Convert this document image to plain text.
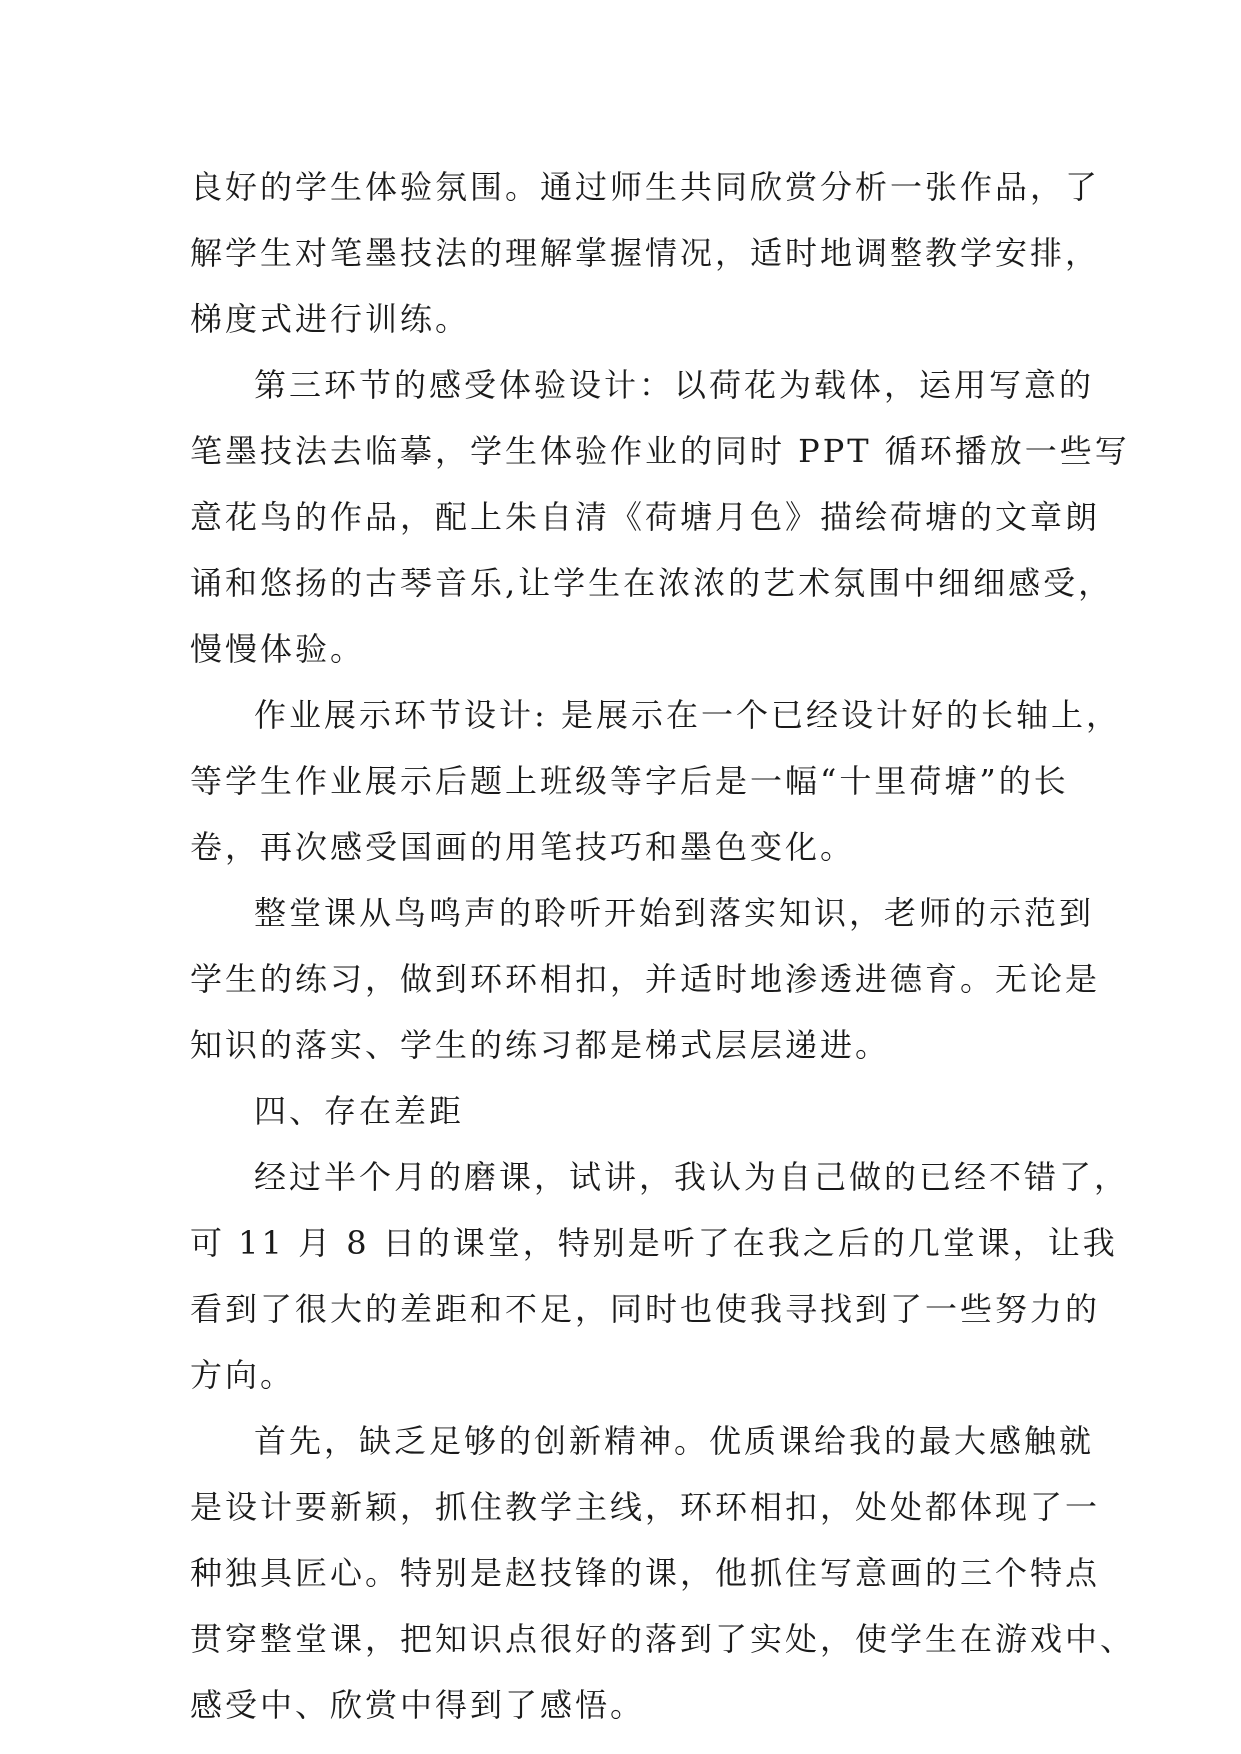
良好的学生体验氛围。通过师生共同欣赏分析一张作品，了
解学生对笔墨技法的理解掌握情况，适时地调整教学安排，
梯度式进行训练。
第三环节的感受体验设计：以荷花为载体，运用写意的
笔墨技法去临摹，学生体验作业的同时 PPT 循环播放一些写
意花鸟的作品，配上朱自清《荷塘月色》描绘荷塘的文章朗
诵和悠扬的古琴音乐,让学生在浓浓的艺术氛围中细细感受，
慢慢体验。
作业展示环节设计: 是展示在一个已经设计好的长轴上，
等学生作业展示后题上班级等字后是一幅“十里荷塘”的长
卷，再次感受国画的用笔技巧和墨色变化。
整堂课从鸟鸣声的聆听开始到落实知识，老师的示范到
学生的练习，做到环环相扣，并适时地渗透进德育。无论是
知识的落实、学生的练习都是梯式层层递进。
四、存在差距
经过半个月的磨课，试讲，我认为自己做的已经不错了，
可 11 月 8 日的课堂，特别是听了在我之后的几堂课，让我
看到了很大的差距和不足，同时也使我寻找到了一些努力的
方向。
首先，缺乏足够的创新精神。优质课给我的最大感触就
是设计要新颖，抓住教学主线，环环相扣，处处都体现了一
种独具匠心。特别是赵技锋的课，他抓住写意画的三个特点
贯穿整堂课，把知识点很好的落到了实处，使学生在游戏中、
感受中、欣赏中得到了感悟。
